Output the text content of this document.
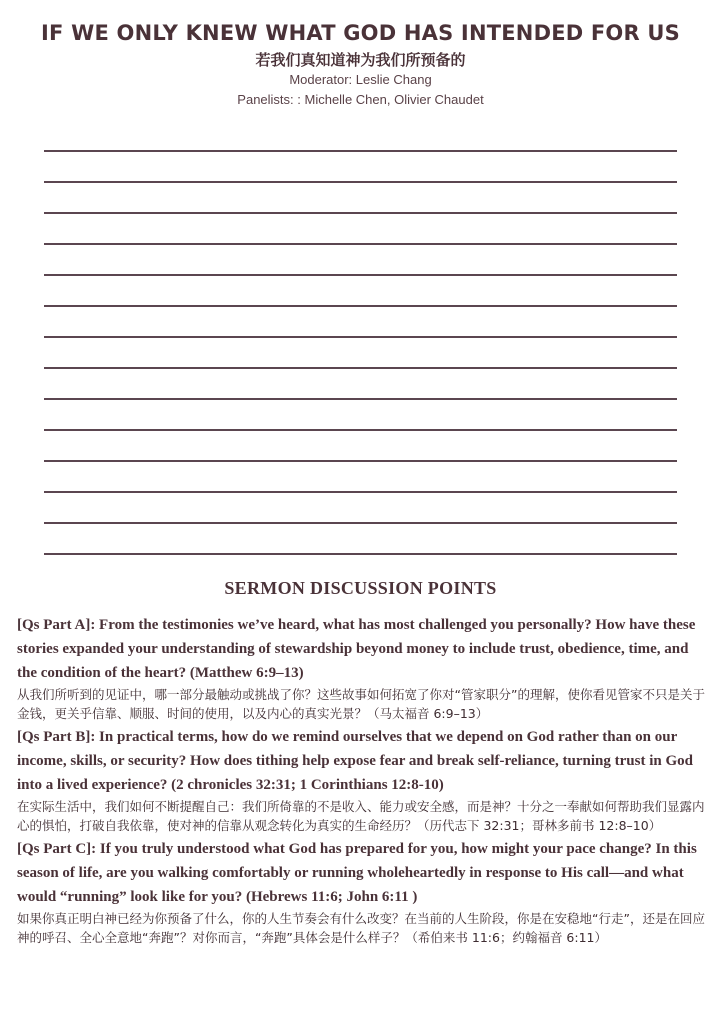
IF WE ONLY KNEW WHAT GOD HAS INTENDED FOR US
若我们真知道神为我们所预备的
Moderator: Leslie Chang
Panelists: : Michelle Chen, Olivier Chaudet
SERMON DISCUSSION POINTS
[Qs Part A]: From the testimonies we’ve heard, what has most challenged you personally? How have these stories expanded your understanding of stewardship beyond money to include trust, obedience, time, and the condition of the heart? (Matthew 6:9–13)
从我们所听到的见证中，哪一部分最触动或挑战了你？这些故事如何拓宽了你对“管家职分”的理解，使你看见管家不只是关于金钱，更关乎信靠、顺服、时间的使用，以及内心的真实光景？（马太福音 6:9–13）
[Qs Part B]: In practical terms, how do we remind ourselves that we depend on God rather than on our income, skills, or security? How does tithing help expose fear and break self-reliance, turning trust in God into a lived experience? (2 chronicles 32:31; 1 Corinthians 12:8-10)
在实际生活中，我们如何不断提醒自己：我们所倚靠的不是收入、能力或安全感，而是神？十分之一奉献如何帮助我们显露内心的惧怕，打破自我依靠，使对神的信靠从观念转化为真实的生命经历？（历代志下 32:31；哥林多前书 12:8–10）
[Qs Part C]: If you truly understood what God has prepared for you, how might your pace change? In this season of life, are you walking comfortably or running wholeheartedly in response to His call—and what would “running” look like for you? (Hebrews 11:6; John 6:11 )
如果你真正明白神已经为你预备了什么，你的人生节奏会有什么改变？在当前的人生阶段，你是在安稳地“行走”，还是在回应神的呼召、全心全意地“奔跑”？对你而言，“奔跑”具体会是什么样子？（希伯来书 11:6；约翰福音 6:11）
